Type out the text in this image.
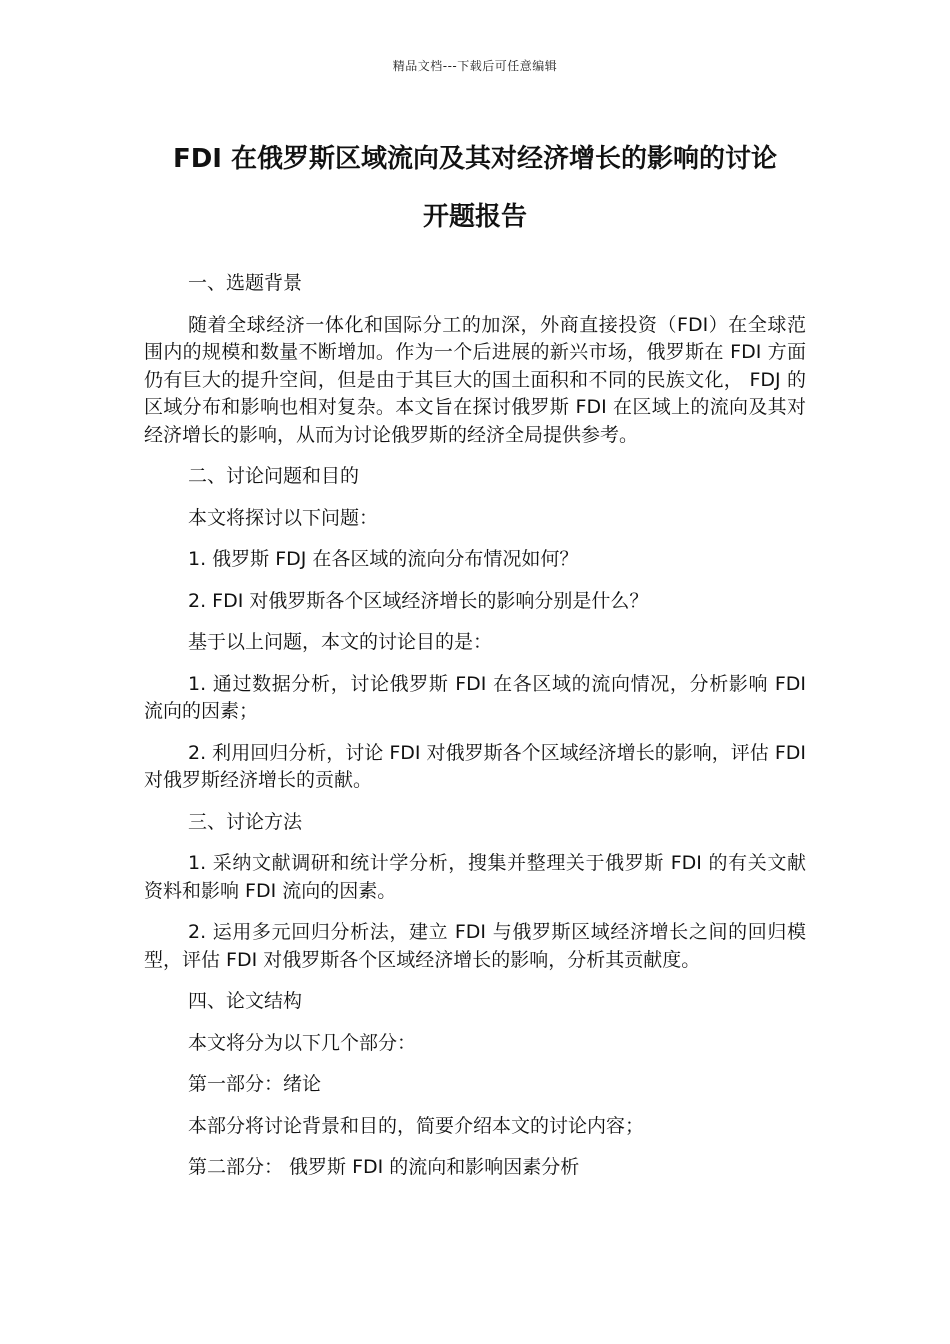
精品文档---下载后可任意编辑
FDI 在俄罗斯区域流向及其对经济增长的影响的讨论
开题报告

一、选题背景

随着全球经济一体化和国际分工的加深，外商直接投资（FDI）在全球范围内的规模和数量不断增加。作为一个后进展的新兴市场，俄罗斯在 FDI 方面仍有巨大的提升空间，但是由于其巨大的国土面积和不同的民族文化， FDJ 的区域分布和影响也相对复杂。本文旨在探讨俄罗斯 FDI 在区域上的流向及其对经济增长的影响，从而为讨论俄罗斯的经济全局提供参考。

二、讨论问题和目的

本文将探讨以下问题：

1. 俄罗斯 FDJ 在各区域的流向分布情况如何？

2. FDI 对俄罗斯各个区域经济增长的影响分别是什么？

基于以上问题，本文的讨论目的是：

1. 通过数据分析，讨论俄罗斯 FDI 在各区域的流向情况，分析影响 FDI 流向的因素；

2. 利用回归分析，讨论 FDI 对俄罗斯各个区域经济增长的影响，评估 FDI 对俄罗斯经济增长的贡献。

三、讨论方法

1. 采纳文献调研和统计学分析，搜集并整理关于俄罗斯 FDI 的有关文献资料和影响 FDI 流向的因素。

2. 运用多元回归分析法，建立 FDI 与俄罗斯区域经济增长之间的回归模型，评估 FDI 对俄罗斯各个区域经济增长的影响，分析其贡献度。

四、论文结构

本文将分为以下几个部分：

第一部分：绪论

本部分将讨论背景和目的，简要介绍本文的讨论内容；

第二部分： 俄罗斯 FDI 的流向和影响因素分析
